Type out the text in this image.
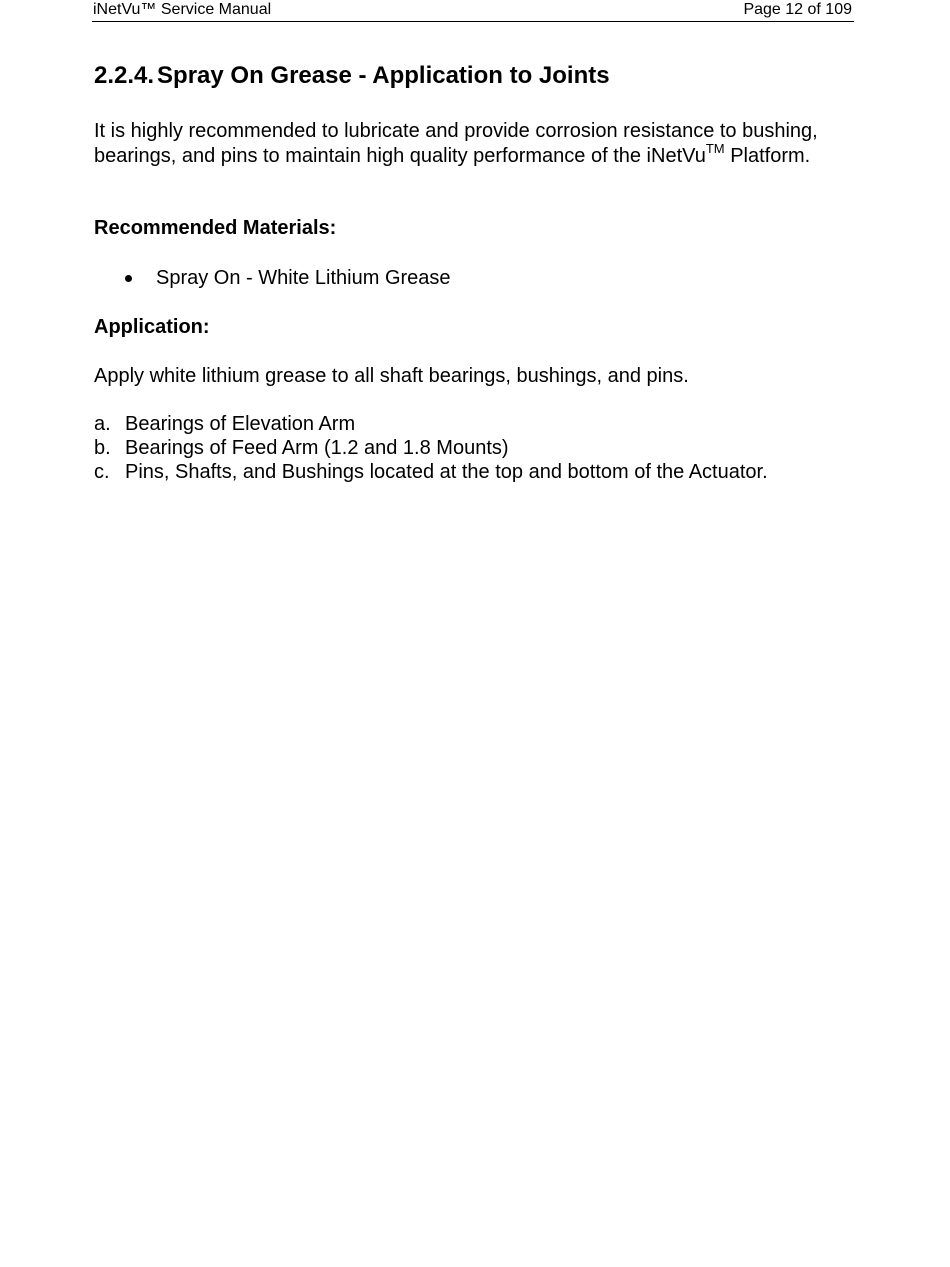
iNetVu™ Service Manual	Page 12 of 109
2.2.4. Spray On Grease - Application to Joints

It is highly recommended to lubricate and provide corrosion resistance to bushing, bearings, and pins to maintain high quality performance of the iNetVu™ Platform.

Recommended Materials:
Spray On - White Lithium Grease
Application:

Apply white lithium grease to all shaft bearings, bushings, and pins.

a. Bearings of Elevation Arm
b. Bearings of Feed Arm (1.2 and 1.8 Mounts)
c. Pins, Shafts, and Bushings located at the top and bottom of the Actuator.
